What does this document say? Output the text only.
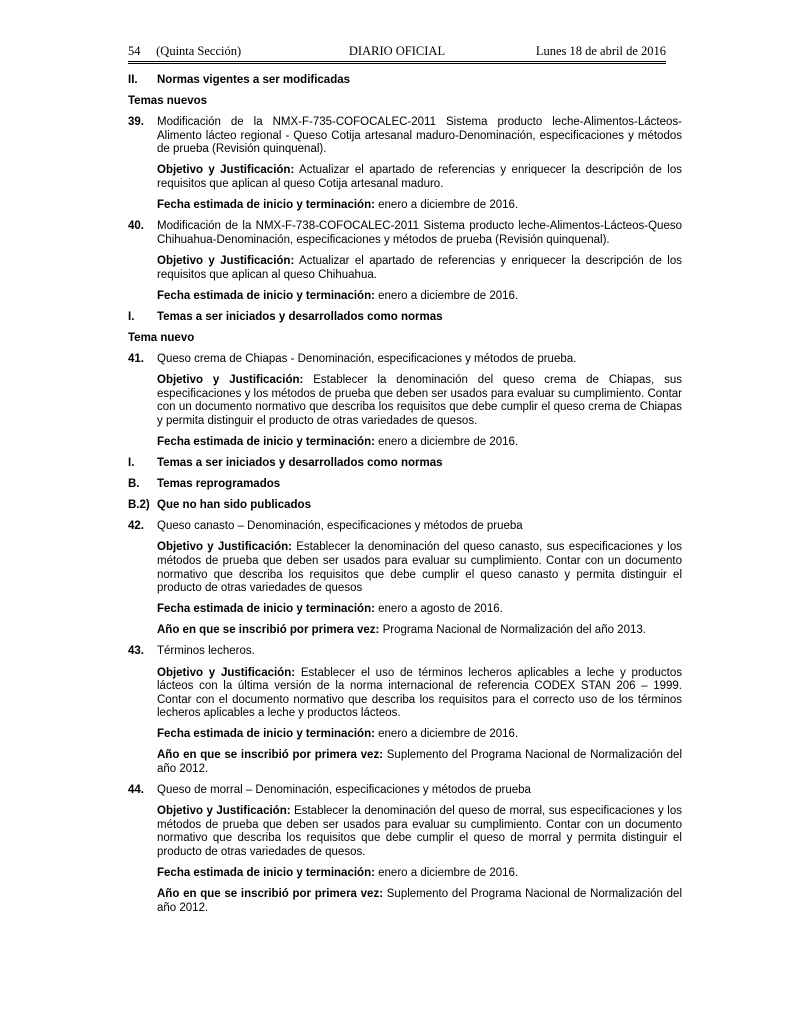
54     (Quinta Sección)	DIARIO OFICIAL	Lunes 18 de abril de 2016
II.	Normas vigentes a ser modificadas
Temas nuevos
39.	Modificación de la NMX-F-735-COFOCALEC-2011 Sistema producto leche-Alimentos-Lácteos-Alimento lácteo regional - Queso Cotija artesanal maduro-Denominación, especificaciones y métodos de prueba (Revisión quinquenal).
Objetivo y Justificación: Actualizar el apartado de referencias y enriquecer la descripción de los requisitos que aplican al queso Cotija artesanal maduro.
Fecha estimada de inicio y terminación: enero a diciembre de 2016.
40.	Modificación de la NMX-F-738-COFOCALEC-2011 Sistema producto leche-Alimentos-Lácteos-Queso Chihuahua-Denominación, especificaciones y métodos de prueba (Revisión quinquenal).
Objetivo y Justificación: Actualizar el apartado de referencias y enriquecer la descripción de los requisitos que aplican al queso Chihuahua.
Fecha estimada de inicio y terminación: enero a diciembre de 2016.
I.	Temas a ser iniciados y desarrollados como normas
Tema nuevo
41.	Queso crema de Chiapas - Denominación, especificaciones y métodos de prueba.
Objetivo y Justificación: Establecer la denominación del queso crema de Chiapas, sus especificaciones y los métodos de prueba que deben ser usados para evaluar su cumplimiento. Contar con un documento normativo que describa los requisitos que debe cumplir el queso crema de Chiapas y permita distinguir el producto de otras variedades de quesos.
Fecha estimada de inicio y terminación: enero a diciembre de 2016.
I.	Temas a ser iniciados y desarrollados como normas
B.	Temas reprogramados
B.2) Que no han sido publicados
42.	Queso canasto – Denominación, especificaciones y métodos de prueba
Objetivo y Justificación: Establecer la denominación del queso canasto, sus especificaciones y los métodos de prueba que deben ser usados para evaluar su cumplimiento. Contar con un documento normativo que describa los requisitos que debe cumplir el queso canasto y permita distinguir el producto de otras variedades de quesos
Fecha estimada de inicio y terminación: enero a agosto de 2016.
Año en que se inscribió por primera vez: Programa Nacional de Normalización del año 2013.
43.	Términos lecheros.
Objetivo y Justificación: Establecer el uso de términos lecheros aplicables a leche y productos lácteos con la última versión de la norma internacional de referencia CODEX STAN 206 – 1999. Contar con el documento normativo que describa los requisitos para el correcto uso de los términos lecheros aplicables a leche y productos lácteos.
Fecha estimada de inicio y terminación: enero a diciembre de 2016.
Año en que se inscribió por primera vez: Suplemento del Programa Nacional de Normalización del año 2012.
44.	Queso de morral – Denominación, especificaciones y métodos de prueba
Objetivo y Justificación: Establecer la denominación del queso de morral, sus especificaciones y los métodos de prueba que deben ser usados para evaluar su cumplimiento. Contar con un documento normativo que describa los requisitos que debe cumplir el queso de morral y permita distinguir el producto de otras variedades de quesos.
Fecha estimada de inicio y terminación: enero a diciembre de 2016.
Año en que se inscribió por primera vez: Suplemento del Programa Nacional de Normalización del año 2012.
